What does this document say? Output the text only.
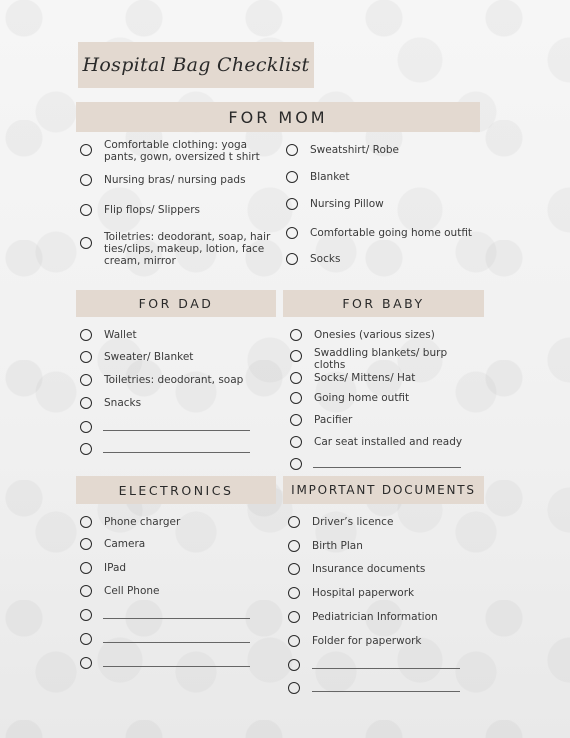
Hospital Bag Checklist
FOR MOM
Comfortable clothing: yoga pants, gown, oversized t shirt
Nursing bras/ nursing pads
Flip flops/ Slippers
Toiletries: deodorant, soap, hair ties/clips, makeup, lotion, face cream, mirror
Sweatshirt/ Robe
Blanket
Nursing Pillow
Comfortable going home outfit
Socks
FOR DAD
Wallet
Sweater/ Blanket
Toiletries: deodorant, soap
Snacks
FOR BABY
Onesies (various sizes)
Swaddling blankets/ burp cloths
Socks/ Mittens/ Hat
Going home outfit
Pacifier
Car seat installed and ready
ELECTRONICS
Phone charger
Camera
IPad
Cell Phone
IMPORTANT DOCUMENTS
Driver’s licence
Birth Plan
Insurance documents
Hospital paperwork
Pediatrician Information
Folder for paperwork
